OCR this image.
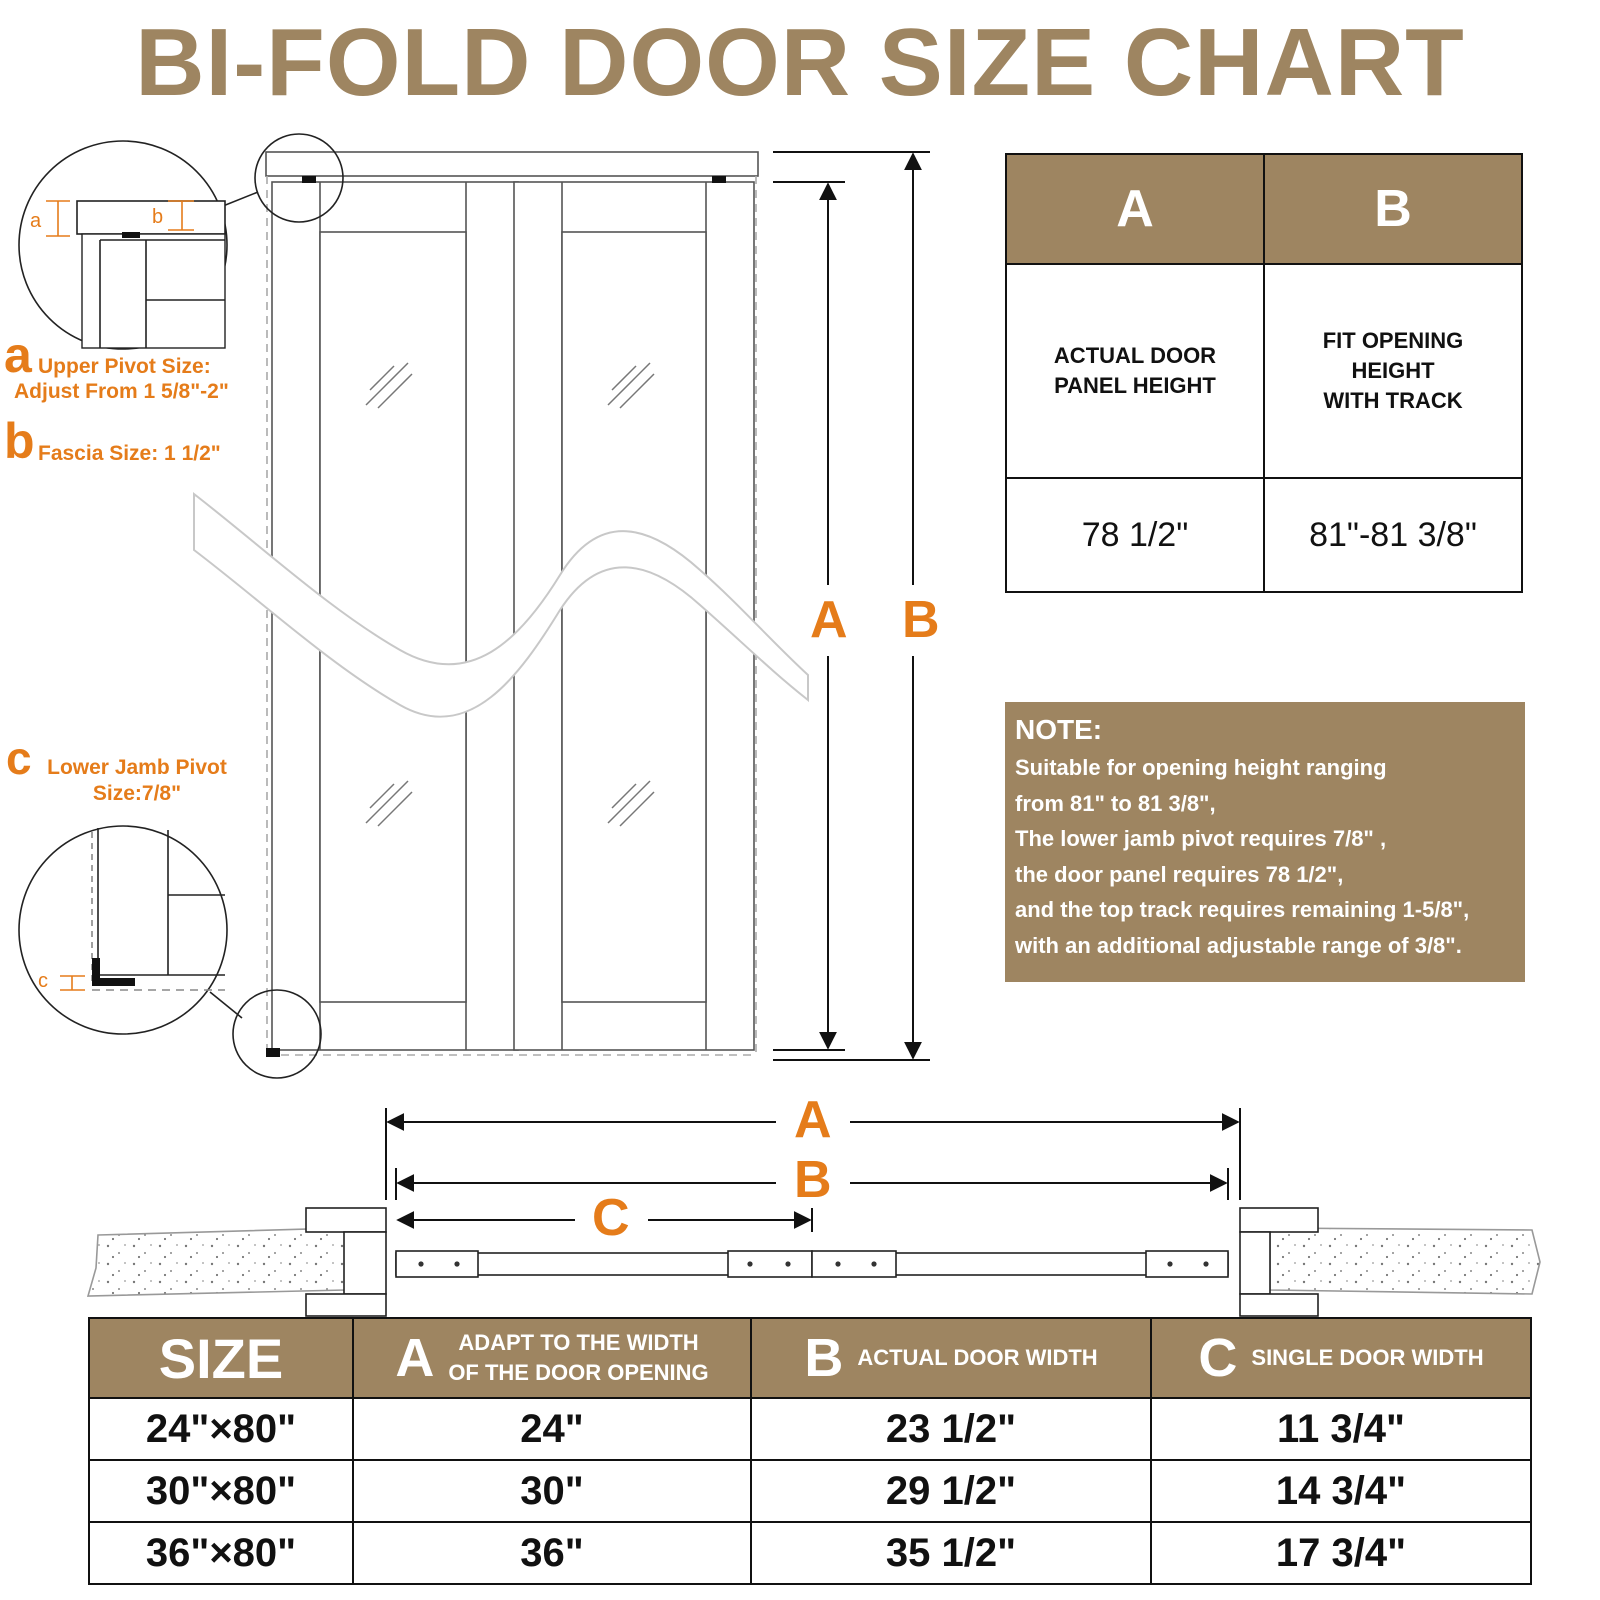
BI-FOLD DOOR SIZE CHART
a	b
c
a Upper Pivot Size:
Adjust From 1 5/8"-2"
b Fascia Size: 1 1/2"
c Lower Jamb Pivot
Size:7/8"
A B
A
B
C
A	B
ACTUAL DOOR
PANEL HEIGHT	FIT OPENING
HEIGHT
WITH TRACK
78 1/2"	81"-81 3/8"
NOTE:
Suitable for opening height ranging
from 81" to 81 3/8",
The lower jamb pivot requires 7/8" ,
the door panel requires 78 1/2",
and the top track requires remaining 1-5/8",
with an additional adjustable range of 3/8".
SIZE	A ADAPT TO THE WIDTH
OF THE DOOR OPENING	B ACTUAL DOOR WIDTH	C SINGLE DOOR WIDTH

24"×80"	24"	23 1/2"	11 3/4"
30"×80"	30"	29 1/2"	14 3/4"
36"×80"	36"	35 1/2"	17 3/4"
